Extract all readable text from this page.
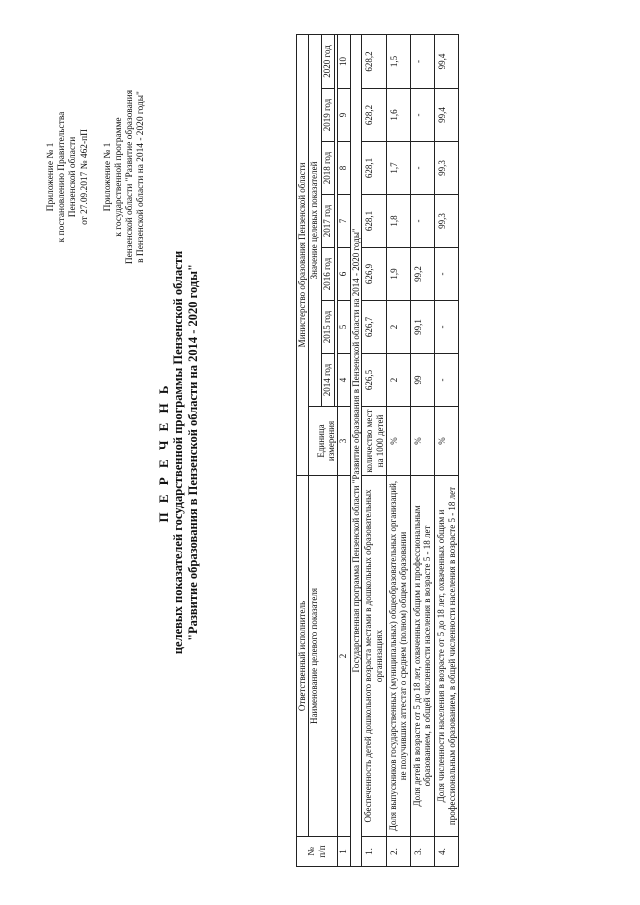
Приложение № 1 к постановлению Правительства Пензенской области от 27.09.2017 № 462-пП Приложение № 1 к государственной программе Пензенской области "Развитие образования в Пензенской области на 2014 - 2020 годы"
П Е Р Е Ч Е Н Ь целевых показателей государственной программы Пензенской области "Развитие образования в Пензенской области на 2014 - 2020 годы"
№
п/п	Ответственный исполнитель	Министерство образования Пензенской области							
	Наименование целевого показателя	Единица измерения	Значение целевых показателей						
			2014 год	2015 год	2016 год	2017 год	2018 год	2019 год	2020 год

1	2	3	4	5	6	7	8	9	10
Государственная программа Пензенской области "Развитие образования в Пензенской области на 2014 - 2020 годы"									
1.	Обеспеченность детей дошкольного возраста местами в дошкольных образовательных организациях	количество мест на 1000 детей	626,5	626,7	626,9	628,1	628,1	628,2	628,2
2.	Доля выпускников государственных (муниципальных) общеобразовательных организаций, не получивших аттестат о среднем (полном) общем образовании	%	2	2	1,9	1,8	1,7	1,6	1,5
3.	Доля детей в возрасте от 5 до 18 лет, охваченных общим и профессиональным образованием, в общей численности населения в возрасте 5 - 18 лет	%	99	99,1	99,2	-	-	-	-
4.	Доля численности населения в возрасте от 5 до 18 лет, охваченных общим и профессиональным образованием, в общей численности населения в возрасте 5 - 18 лет	%	-	-	-	99,3	99,3	99,4	99,4
